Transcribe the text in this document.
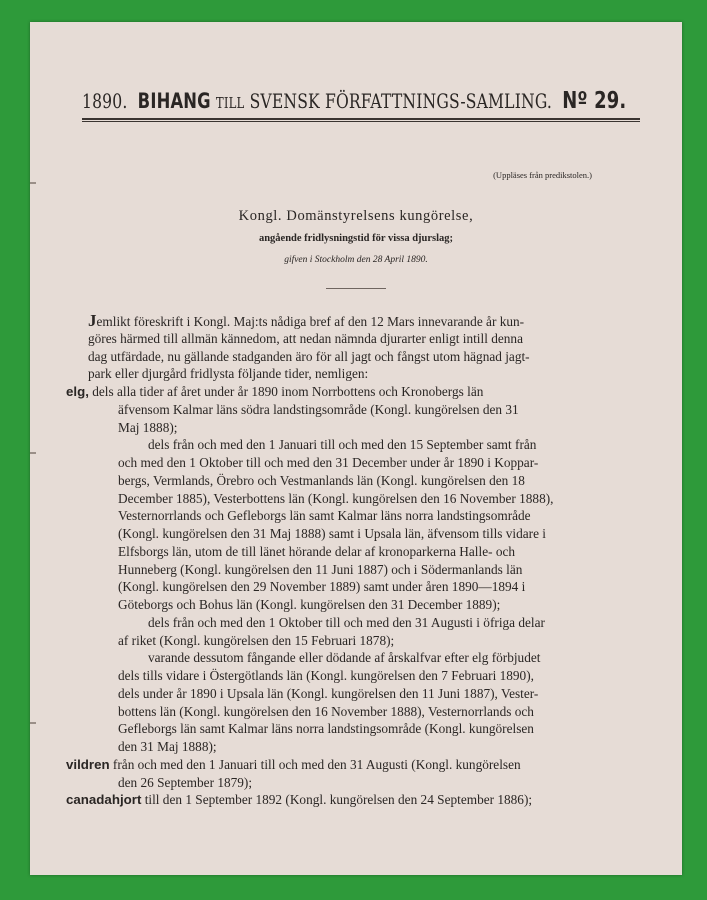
1890. BIHANG TILL SVENSK FÖRFATTNINGS-SAMLING. Nº 29.
(Uppläses från predikstolen.)
Kongl. Domänstyrelsens kungörelse,
angående fridlysningstid för vissa djurslag;
gifven i Stockholm den 28 April 1890.
Jemlikt föreskrift i Kongl. Maj:ts nådiga bref af den 12 Mars innevarande år kun-
göres härmed till allmän kännedom, att nedan nämnda djurarter enligt intill denna
dag utfärdade, nu gällande stadganden äro för all jagt och fångst utom hägnad jagt-
park eller djurgård fridlysta följande tider, nemligen:
elg, dels alla tider af året under år 1890 inom Norrbottens och Kronobergs län
äfvensom Kalmar läns södra landstingsområde (Kongl. kungörelsen den 31
Maj 1888);
dels från och med den 1 Januari till och med den 15 September samt från
och med den 1 Oktober till och med den 31 December under år 1890 i Koppar-
bergs, Vermlands, Örebro och Vestmanlands län (Kongl. kungörelsen den 18
December 1885), Vesterbottens län (Kongl. kungörelsen den 16 November 1888),
Vesternorrlands och Gefleborgs län samt Kalmar läns norra landstingsområde
(Kongl. kungörelsen den 31 Maj 1888) samt i Upsala län, äfvensom tills vidare i
Elfsborgs län, utom de till länet hörande delar af kronoparkerna Halle- och
Hunneberg (Kongl. kungörelsen den 11 Juni 1887) och i Södermanlands län
(Kongl. kungörelsen den 29 November 1889) samt under åren 1890—1894 i
Göteborgs och Bohus län (Kongl. kungörelsen den 31 December 1889);
dels från och med den 1 Oktober till och med den 31 Augusti i öfriga delar
af riket (Kongl. kungörelsen den 15 Februari 1878);
varande dessutom fångande eller dödande af årskalfvar efter elg förbjudet
dels tills vidare i Östergötlands län (Kongl. kungörelsen den 7 Februari 1890),
dels under år 1890 i Upsala län (Kongl. kungörelsen den 11 Juni 1887), Vester-
bottens län (Kongl. kungörelsen den 16 November 1888), Vesternorrlands och
Gefleborgs län samt Kalmar läns norra landstingsområde (Kongl. kungörelsen
den 31 Maj 1888);
vildren från och med den 1 Januari till och med den 31 Augusti (Kongl. kungörelsen
den 26 September 1879);
canadahjort till den 1 September 1892 (Kongl. kungörelsen den 24 September 1886);
